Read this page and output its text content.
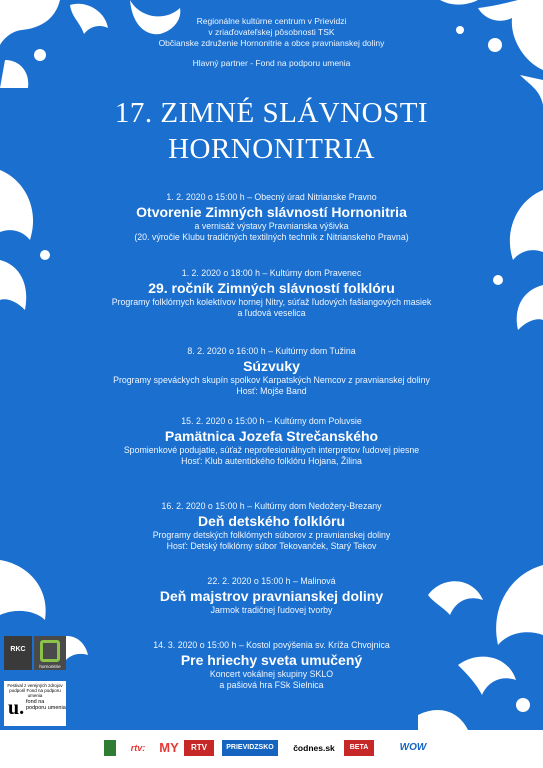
Regionálne kultúrne centrum v Prievidzi
v zriaďovateľskej pôsobnosti TSK
Občianske združenie Hornonitrie a obce pravnianskej doliny
Hlavný partner - Fond na podporu umenia
17. ZIMNÉ SLÁVNOSTI
HORNONITRIA
1. 2. 2020 o 15:00 h – Obecný úrad Nitrianske Pravno
Otvorenie Zimných slávností Hornonitria
a vernisáž výstavy Pravnianska výšivka
(20. výročie Klubu tradičných textilných techník z Nitrianskeho Pravna)
1. 2. 2020 o 18:00 h – Kultúrny dom Pravenec
29. ročník Zimných slávností folklóru
Programy folklórnych kolektívov hornej Nitry, súťaž ľudových fašiangových masiek
a ľudová veselica
8. 2. 2020 o 16:00 h – Kultúrny dom Tužina
Súzvuky
Programy speváckych skupín spolkov Karpatských Nemcov z pravnianskej doliny
Hosť: Mojše Band
15. 2. 2020 o 15:00 h – Kultúrny dom Poluvsie
Pamätnica Jozefa Strečanského
Spomienkové podujatie, súťaž neprofesionálnych interpretov ľudovej piesne
Hosť: Klub autentického folklóru Hojana, Žilina
16. 2. 2020 o 15:00 h – Kultúrny dom Nedožery-Brezany
Deň detského folklóru
Programy detských folklórnych súborov z pravnianskej doliny
Hosť: Detský folklórny súbor Tekovanček, Starý Tekov
22. 2. 2020 o 15:00 h – Malinová
Deň majstrov pravnianskej doliny
Jarmok tradičnej ľudovej tvorby
14. 3. 2020 o 15:00 h – Kostol povýšenia sv. Kríža Chvojnica
Pre hriechy sveta umučený
Koncert vokálnej skupiny SKLO
a pašiová hra FSk Sielnica
RKC
hornonitrie
Festival z verejných zdrojov podporil Fond na podporu umenia
u. fond na podporu umenia
rtv:	MY	RTV	PRIEVIDZSKO	čodnes.sk	BETA	WOW
